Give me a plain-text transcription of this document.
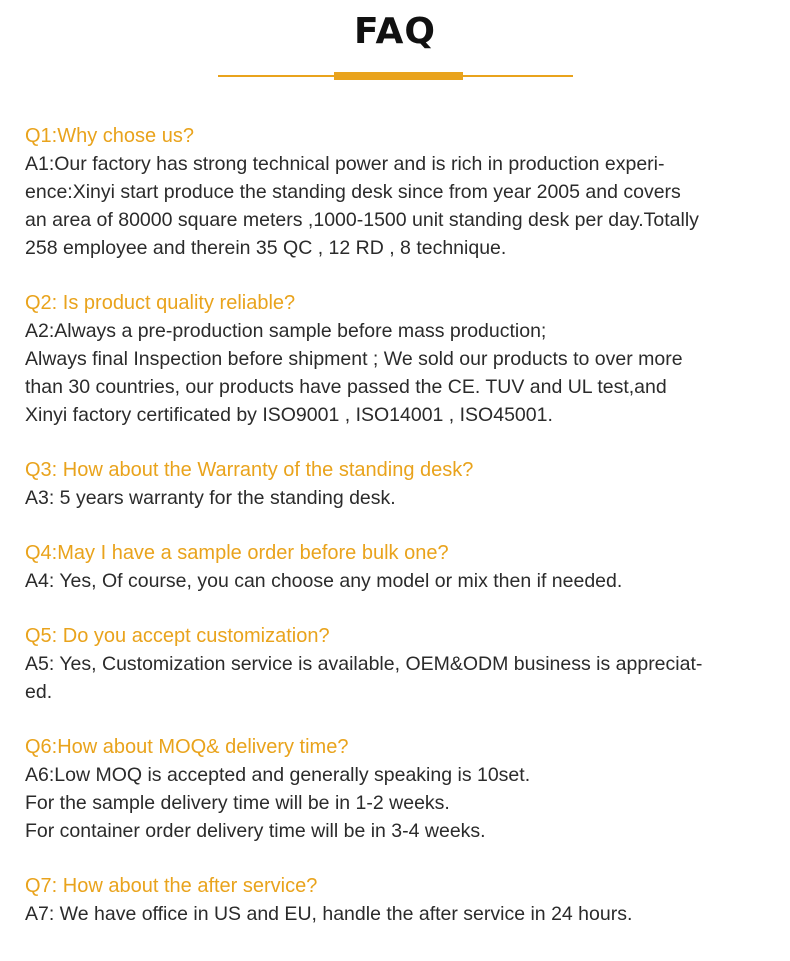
FAQ
Q1:Why chose us?
A1:Our factory has strong technical power and is rich in production experi-
ence:Xinyi start produce the standing desk since from year 2005 and covers
an area of 80000 square meters ,1000-1500 unit standing desk per day.Totally
258 employee and therein 35 QC , 12 RD , 8 technique.
Q2: Is product quality reliable?
A2:Always a pre-production sample before mass production;
Always final Inspection before shipment ; We sold our products to over more
than 30 countries, our products have passed the CE. TUV and UL test,and
Xinyi factory certificated by ISO9001 , ISO14001 , ISO45001.
Q3: How about the Warranty of the standing desk?
A3: 5 years warranty for the standing desk.
Q4:May I have a sample order before bulk one?
A4: Yes, Of course, you can choose any model or mix then if needed.
Q5: Do you accept customization?
A5: Yes, Customization service is available, OEM&ODM business is appreciat-
ed.
Q6:How about MOQ& delivery time?
A6:Low MOQ is accepted and generally speaking is 10set.
For the sample delivery time will be in 1-2 weeks.
For container order delivery time will be in 3-4 weeks.
Q7: How about the after service?
A7: We have office in US and EU, handle the after service in 24 hours.
